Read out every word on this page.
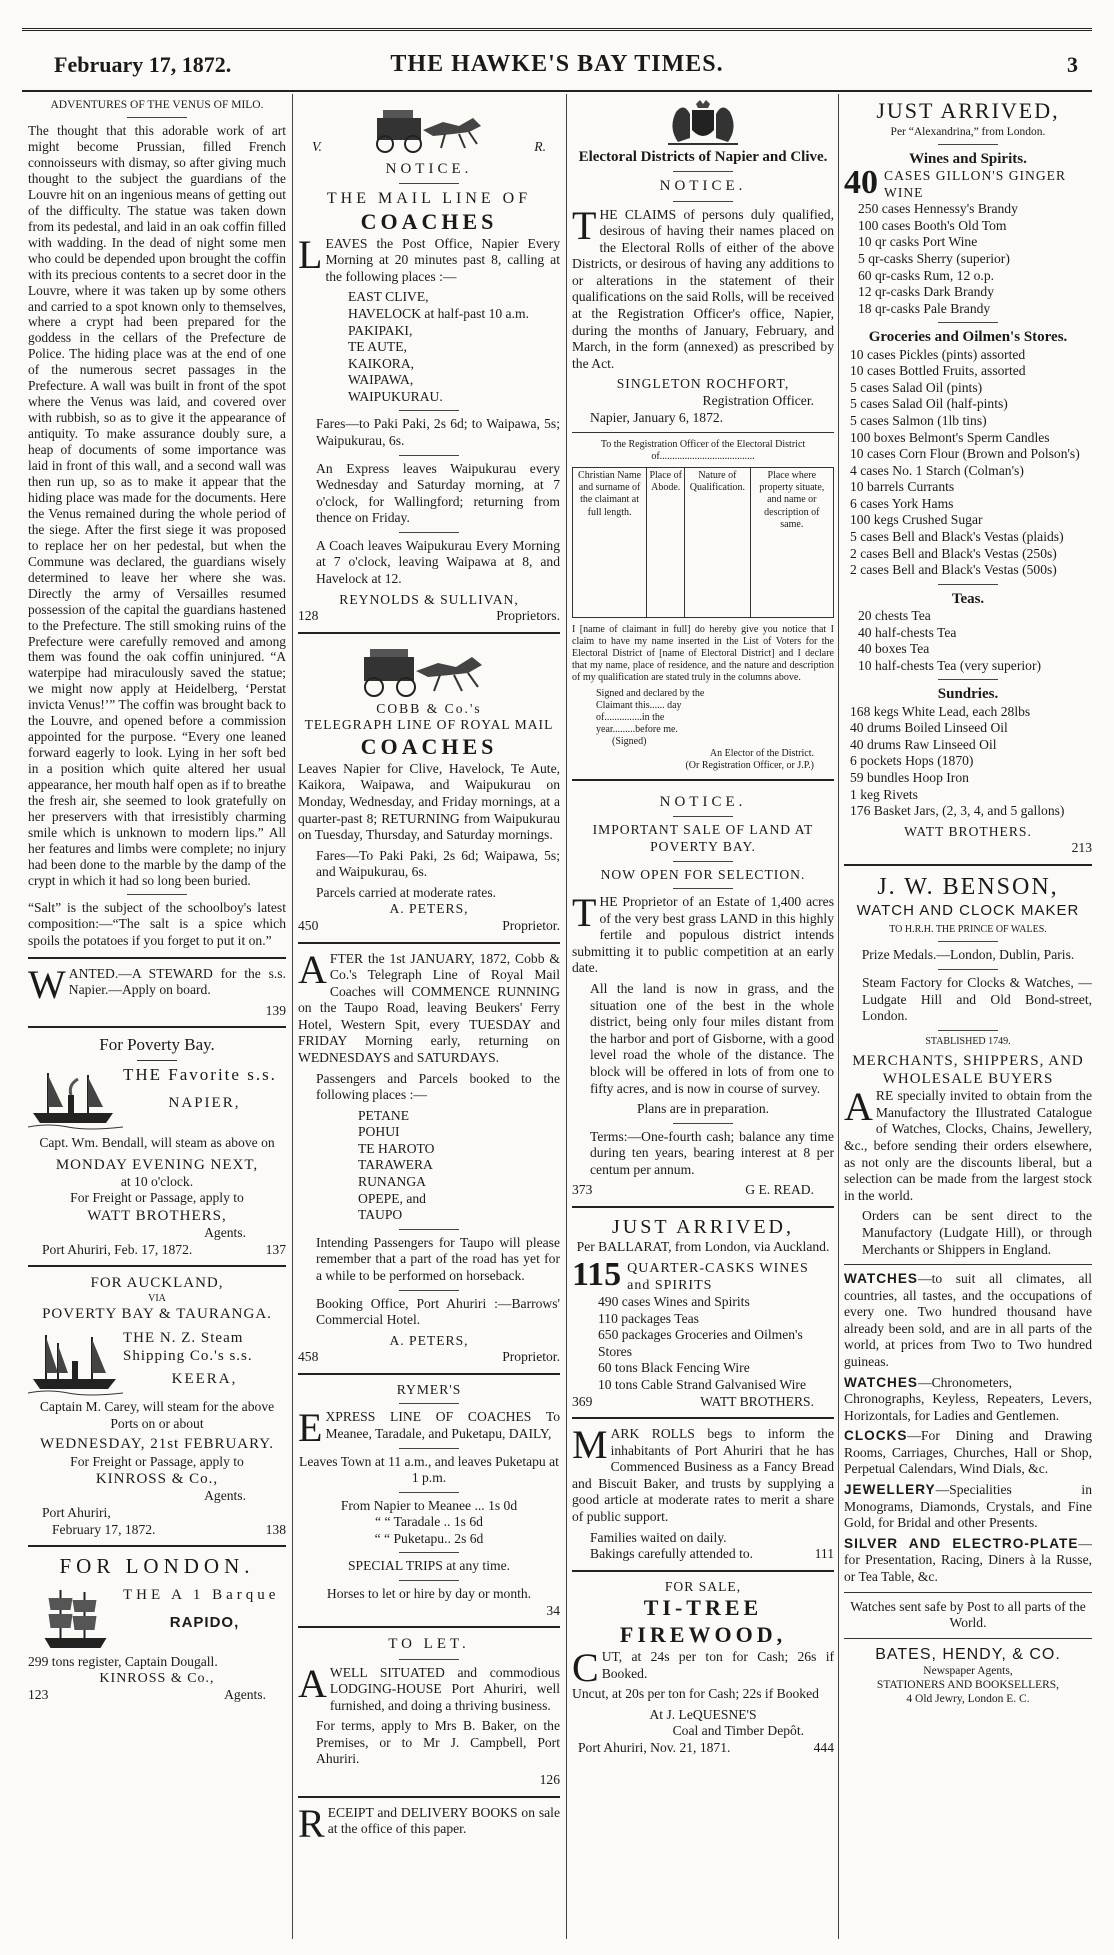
February 17, 1872.	THE HAWKE'S BAY TIMES.	3
ADVENTURES OF THE VENUS OF MILO.

The thought that this adorable work of art might become Prussian, filled French connoisseurs with dismay, so after giving much thought to the subject the guardians of the Louvre hit on an ingenious means of getting out of the difficulty. The statue was taken down from its pedestal, and laid in an oak coffin filled with wadding. In the dead of night some men who could be depended upon brought the coffin with its precious contents to a secret door in the Louvre, where it was taken up by some others and carried to a spot known only to themselves, where a crypt had been prepared for the goddess in the cellars of the Prefecture de Police. The hiding place was at the end of one of the numerous secret passages in the Prefecture. A wall was built in front of the spot where the Venus was laid, and covered over with rubbish, so as to give it the appearance of antiquity. To make assurance doubly sure, a heap of documents of some importance was laid in front of this wall, and a second wall was then run up, so as to make it appear that the hiding place was made for the documents. Here the Venus remained during the whole period of the siege. After the first siege it was proposed to replace her on her pedestal, but when the Commune was declared, the guardians wisely determined to leave her where she was. Directly the army of Versailles resumed possession of the capital the guardians hastened to the Prefecture. The still smoking ruins of the Prefecture were carefully removed and among them was found the oak coffin uninjured. “A waterpipe had miraculously saved the statue; we might now apply at Heidelberg, ‘Perstat invicta Venus!’” The coffin was brought back to the Louvre, and opened before a commission appointed for the purpose. “Every one leaned forward eagerly to look. Lying in her soft bed in a position which quite altered her usual appearance, her mouth half open as if to breathe the fresh air, she seemed to look gratefully on her preservers with that irresistibly charming smile which is unknown to modern lips.” All her features and limbs were complete; no injury had been done to the marble by the damp of the crypt in which it had so long been buried.

“Salt” is the subject of the schoolboy's latest composition:—“The salt is a spice which spoils the potatoes if you forget to put it on.”

WANTED.—A STEWARD for the s.s. Napier.—Apply on board.

139
For Poverty Bay.
THE Favorite s.s.
NAPIER,
Capt. Wm. Bendall, will steam as above on
MONDAY EVENING NEXT,
at 10 o'clock.
For Freight or Passage, apply to
WATT BROTHERS,
Agents.
Port Ahuriri, Feb. 17, 1872.	137
FOR AUCKLAND,
VIA
POVERTY BAY & TAURANGA.
THE N. Z. Steam Shipping Co.'s s.s.
KEERA,
Captain M. Carey, will steam for the above Ports on or about
WEDNESDAY, 21st FEBRUARY.
For Freight or Passage, apply to
KINROSS & Co.,
Agents.
Port Ahuriri,
February 17, 1872.	138
FOR LONDON.
THE A 1 Barque
RAPIDO,
299 tons register, Captain Dougall.
KINROSS & Co.,
123	Agents.
V.	R.
NOTICE.
THE MAIL LINE OF
COACHES

LEAVES the Post Office, Napier Every Morning at 20 minutes past 8, calling at the following places :—

EAST CLIVE,
HAVELOCK at half-past 10 a.m.
PAKIPAKI,
TE AUTE,
KAIKORA,
WAIPAWA,
WAIPUKURAU.

Fares—to Paki Paki, 2s 6d; to Waipawa, 5s; Waipukurau, 6s.

An Express leaves Waipukurau every Wednesday and Saturday morning, at 7 o'clock, for Wallingford; returning from thence on Friday.

A Coach leaves Waipukurau Every Morning at 7 o'clock, leaving Waipawa at 8, and Havelock at 12.

REYNOLDS & SULLIVAN,
128	Proprietors.
COBB & Co.'s
TELEGRAPH LINE OF ROYAL MAIL
COACHES

Leaves Napier for Clive, Havelock, Te Aute, Kaikora, Waipawa, and Waipukurau on Monday, Wednesday, and Friday mornings, at a quarter-past 8; RETURNING from Waipukurau on Tuesday, Thursday, and Saturday mornings.

Fares—To Paki Paki, 2s 6d; Waipawa, 5s; and Waipukurau, 6s.

Parcels carried at moderate rates.
A. PETERS,
450	Proprietor.

AFTER the 1st JANUARY, 1872, Cobb & Co.'s Telegraph Line of Royal Mail Coaches will COMMENCE RUNNING on the Taupo Road, leaving Beukers' Ferry Hotel, Western Spit, every TUESDAY and FRIDAY Morning early, returning on WEDNESDAYS and SATURDAYS.

Passengers and Parcels booked to the following places :—

PETANE
POHUI
TE HAROTO
TARAWERA
RUNANGA
OPEPE, and
TAUPO

Intending Passengers for Taupo will please remember that a part of the road has yet for a while to be performed on horseback.

Booking Office, Port Ahuriri :—Barrows' Commercial Hotel.

A. PETERS,
458	Proprietor.
RYMER'S

EXPRESS LINE OF COACHES To Meanee, Taradale, and Puketapu, DAILY,

Leaves Town at 11 a.m., and leaves Puketapu at 1 p.m.

From Napier to Meanee ... 1s 0d
“ “ Taradale .. 1s 6d
“ “ Puketapu.. 2s 6d
SPECIAL TRIPS at any time.
Horses to let or hire by day or month.
34
TO LET.

AWELL SITUATED and commodious LODGING-HOUSE Port Ahuriri, well furnished, and doing a thriving business.

For terms, apply to Mrs B. Baker, on the Premises, or to Mr J. Campbell, Port Ahuriri.

126

RECEIPT and DELIVERY BOOKS on sale at the office of this paper.

Electoral Districts of Napier and Clive.
NOTICE.

THE CLAIMS of persons duly qualified, desirous of having their names placed on the Electoral Rolls of either of the above Districts, or desirous of having any additions to or alterations in the statement of their qualifications on the said Rolls, will be received at the Registration Officer's office, Napier, during the months of January, February, and March, in the form (annexed) as prescribed by the Act.

SINGLETON ROCHFORT,
Registration Officer.
Napier, January 6, 1872.
To the Registration Officer of the Electoral District of......................................
Christian Name and surname of the claimant at full length.	Place of Abode.	Nature of Qualification.	Place where property situate, and name or description of same.

I [name of claimant in full] do hereby give you notice that I claim to have my name inserted in the List of Voters for the Electoral District of [name of Electoral District] and I declare that my name, place of residence, and the nature and description of my qualification are stated truly in the columns above.

Signed and declared by the Claimant this...... day of...............in the year.........before me.
(Signed)
An Elector of the District.
(Or Registration Officer, or J.P.)
NOTICE.
IMPORTANT SALE OF LAND AT POVERTY BAY.
NOW OPEN FOR SELECTION.

THE Proprietor of an Estate of 1,400 acres of the very best grass LAND in this highly fertile and populous district intends submitting it to public competition at an early date.

All the land is now in grass, and the situation one of the best in the whole district, being only four miles distant from the harbor and port of Gisborne, with a good level road the whole of the distance. The block will be offered in lots of from one to fifty acres, and is now in course of survey.

Plans are in preparation.

Terms:—One-fourth cash; balance any time during ten years, bearing interest at 8 per centum per annum.

373	G E. READ.
JUST ARRIVED,
Per BALLARAT, from London, via Auckland.
115 QUARTER-CASKS WINES and SPIRITS
490 cases Wines and Spirits
110 packages Teas
650 packages Groceries and Oilmen's Stores
60 tons Black Fencing Wire
10 tons Cable Strand Galvanised Wire
369	WATT BROTHERS.

MARK ROLLS begs to inform the inhabitants of Port Ahuriri that he has Commenced Business as a Fancy Bread and Biscuit Baker, and trusts by supplying a good article at moderate rates to merit a share of public support.

Families waited on daily.
Bakings carefully attended to.	111
FOR SALE,
TI-TREE FIREWOOD,

CUT, at 24s per ton for Cash; 26s if Booked.

Uncut, at 20s per ton for Cash; 22s if Booked

At J. LeQUESNE'S
Coal and Timber Depôt.
Port Ahuriri, Nov. 21, 1871.	444
JUST ARRIVED,
Per “Alexandrina,” from London.
Wines and Spirits.
40 CASES GILLON'S GINGER WINE
250 cases Hennessy's Brandy
100 cases Booth's Old Tom
10 qr casks Port Wine
5 qr-casks Sherry (superior)
60 qr-casks Rum, 12 o.p.
12 qr-casks Dark Brandy
18 qr-casks Pale Brandy
Groceries and Oilmen's Stores.
10 cases Pickles (pints) assorted
10 cases Bottled Fruits, assorted
5 cases Salad Oil (pints)
5 cases Salad Oil (half-pints)
5 cases Salmon (1lb tins)
100 boxes Belmont's Sperm Candles
10 cases Corn Flour (Brown and Polson's)
4 cases No. 1 Starch (Colman's)
10 barrels Currants
6 cases York Hams
100 kegs Crushed Sugar
5 cases Bell and Black's Vestas (plaids)
2 cases Bell and Black's Vestas (250s)
2 cases Bell and Black's Vestas (500s)
Teas.
20 chests Tea
40 half-chests Tea
40 boxes Tea
10 half-chests Tea (very superior)
Sundries.
168 kegs White Lead, each 28lbs
40 drums Boiled Linseed Oil
40 drums Raw Linseed Oil
6 pockets Hops (1870)
59 bundles Hoop Iron
1 keg Rivets
176 Basket Jars, (2, 3, 4, and 5 gallons)
WATT BROTHERS.
213
J. W. BENSON,
WATCH AND CLOCK MAKER
TO H.R.H. THE PRINCE OF WALES.
Prize Medals.—London, Dublin, Paris.

Steam Factory for Clocks & Watches, —Ludgate Hill and Old Bond-street, London.

STABLISHED 1749.
MERCHANTS, SHIPPERS, AND WHOLESALE BUYERS

ARE specially invited to obtain from the Manufactory the Illustrated Catalogue of Watches, Clocks, Chains, Jewellery, &c., before sending their orders elsewhere, as not only are the discounts liberal, but a selection can be made from the largest stock in the world.

Orders can be sent direct to the Manufactory (Ludgate Hill), or through Merchants or Shippers in England.

WATCHES—to suit all climates, all countries, all tastes, and the occupations of every one. Two hundred thousand have already been sold, and are in all parts of the world, at prices from Two to Two hundred guineas.

WATCHES—Chronometers, Chronographs, Keyless, Repeaters, Levers, Horizontals, for Ladies and Gentlemen.

CLOCKS—For Dining and Drawing Rooms, Carriages, Churches, Hall or Shop, Perpetual Calendars, Wind Dials, &c.

JEWELLERY—Specialities in Monograms, Diamonds, Crystals, and Fine Gold, for Bridal and other Presents.

SILVER AND ELECTRO-PLATE—for Presentation, Racing, Diners à la Russe, or Tea Table, &c.

Watches sent safe by Post to all parts of the World.

BATES, HENDY, & CO.
Newspaper Agents,
STATIONERS AND BOOKSELLERS,
4 Old Jewry, London E. C.
